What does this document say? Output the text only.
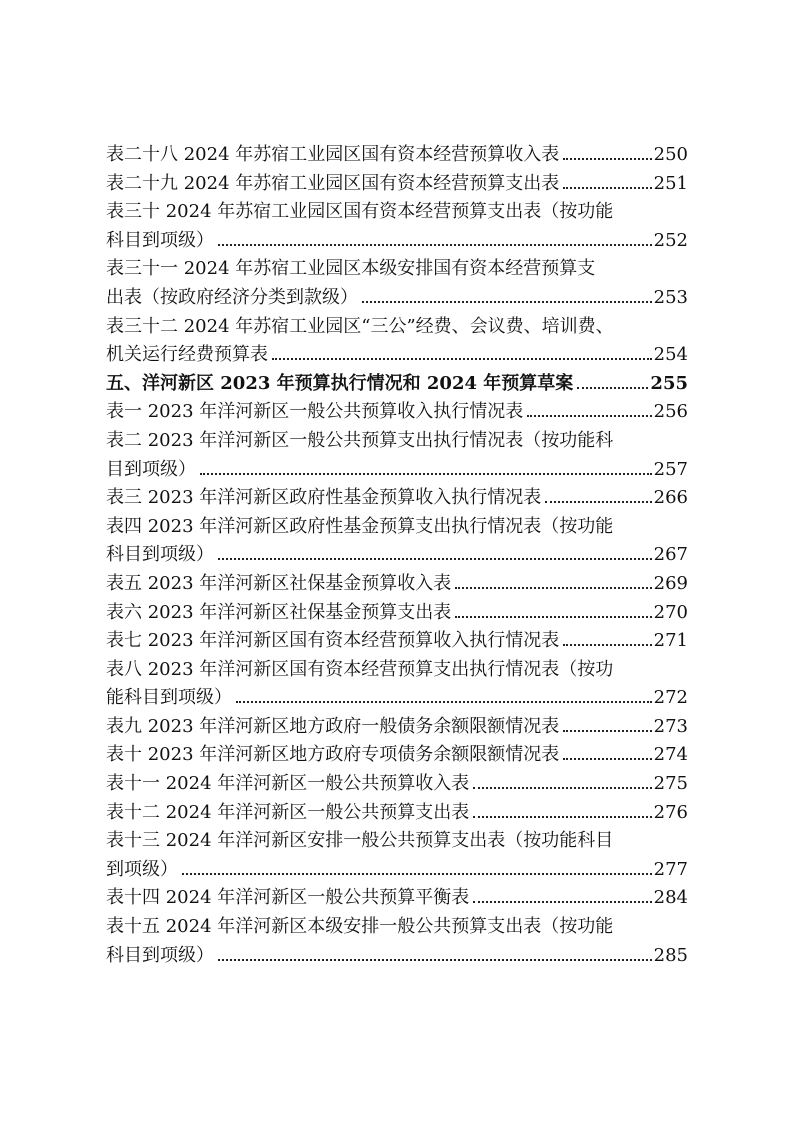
表二十八 2024 年苏宿工业园区国有资本经营预算收入表	250
表二十九 2024 年苏宿工业园区国有资本经营预算支出表	251
表三十 2024 年苏宿工业园区国有资本经营预算支出表（按功能
科目到项级）	252
表三十一 2024 年苏宿工业园区本级安排国有资本经营预算支
出表（按政府经济分类到款级）	253
表三十二 2024 年苏宿工业园区“三公”经费、会议费、培训费、
机关运行经费预算表	254
五、洋河新区 2023 年预算执行情况和 2024 年预算草案	255
表一 2023 年洋河新区一般公共预算收入执行情况表	256
表二 2023 年洋河新区一般公共预算支出执行情况表（按功能科
目到项级）	257
表三 2023 年洋河新区政府性基金预算收入执行情况表	266
表四 2023 年洋河新区政府性基金预算支出执行情况表（按功能
科目到项级）	267
表五 2023 年洋河新区社保基金预算收入表	269
表六 2023 年洋河新区社保基金预算支出表	270
表七 2023 年洋河新区国有资本经营预算收入执行情况表	271
表八 2023 年洋河新区国有资本经营预算支出执行情况表（按功
能科目到项级）	272
表九 2023 年洋河新区地方政府一般债务余额限额情况表	273
表十 2023 年洋河新区地方政府专项债务余额限额情况表	274
表十一 2024 年洋河新区一般公共预算收入表	275
表十二 2024 年洋河新区一般公共预算支出表	276
表十三 2024 年洋河新区安排一般公共预算支出表（按功能科目
到项级）	277
表十四 2024 年洋河新区一般公共预算平衡表	284
表十五 2024 年洋河新区本级安排一般公共预算支出表（按功能
科目到项级）	285
